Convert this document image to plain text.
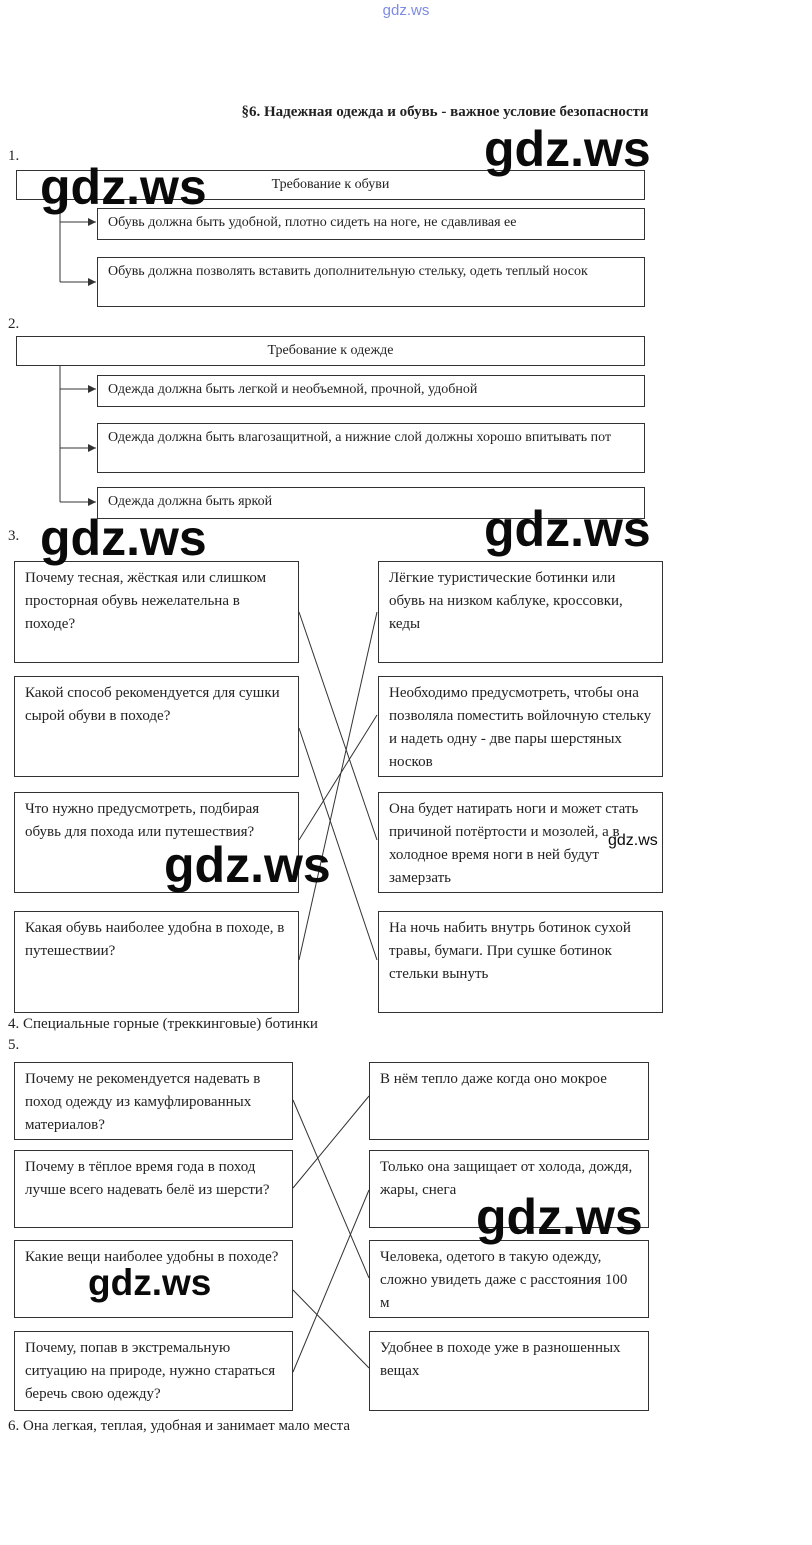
gdz.ws
§6. Надежная одежда и обувь - важное условие безопасности
1.
Требование к обуви
Обувь должна быть удобной, плотно сидеть на ноге, не сдавливая ее
Обувь должна позволять вставить дополнительную стельку, одеть теплый носок
2.
Требование к одежде
Одежда должна быть легкой и необъемной, прочной, удобной
Одежда должна быть влагозащитной, а нижние слой должны хорошо впитывать пот
Одежда должна быть яркой
3.
Почему тесная, жёсткая или слишком просторная обувь нежелательна в походе?
Какой способ рекомендуется для сушки сырой обуви в походе?
Что нужно предусмотреть, подбирая обувь для похода или путешествия?
Какая обувь наиболее удобна в походе, в путешествии?
Лёгкие туристические ботинки или обувь на низком каблуке, кроссовки, кеды
Необходимо предусмотреть, чтобы она позволяла поместить войлочную стельку и надеть одну - две пары шерстяных носков
Она будет натирать ноги и может стать причиной потёртости и мозолей, а в холодное время ноги в ней будут замерзать
На ночь набить внутрь ботинок сухой травы, бумаги. При сушке ботинок стельки вынуть
4. Специальные горные (треккинговые) ботинки
5.
Почему не рекомендуется надевать в поход одежду из камуфлированных материалов?
Почему в тёплое время года в поход лучше всего надевать белё из шерсти?
Какие вещи наиболее удобны в походе?
Почему, попав в экстремальную ситуацию на природе, нужно стараться беречь свою одежду?
В нём тепло даже когда оно мокрое
Только она защищает от холода, дождя, жары, снега
Человека, одетого в такую одежду, сложно увидеть даже с расстояния 100 м
Удобнее в походе уже в разношенных вещах
6. Она легкая, теплая, удобная и занимает мало места
gdz.ws
gdz.ws
gdz.ws
gdz.ws
gdz.ws	gdz.ws
gdz.ws
gdz.ws
